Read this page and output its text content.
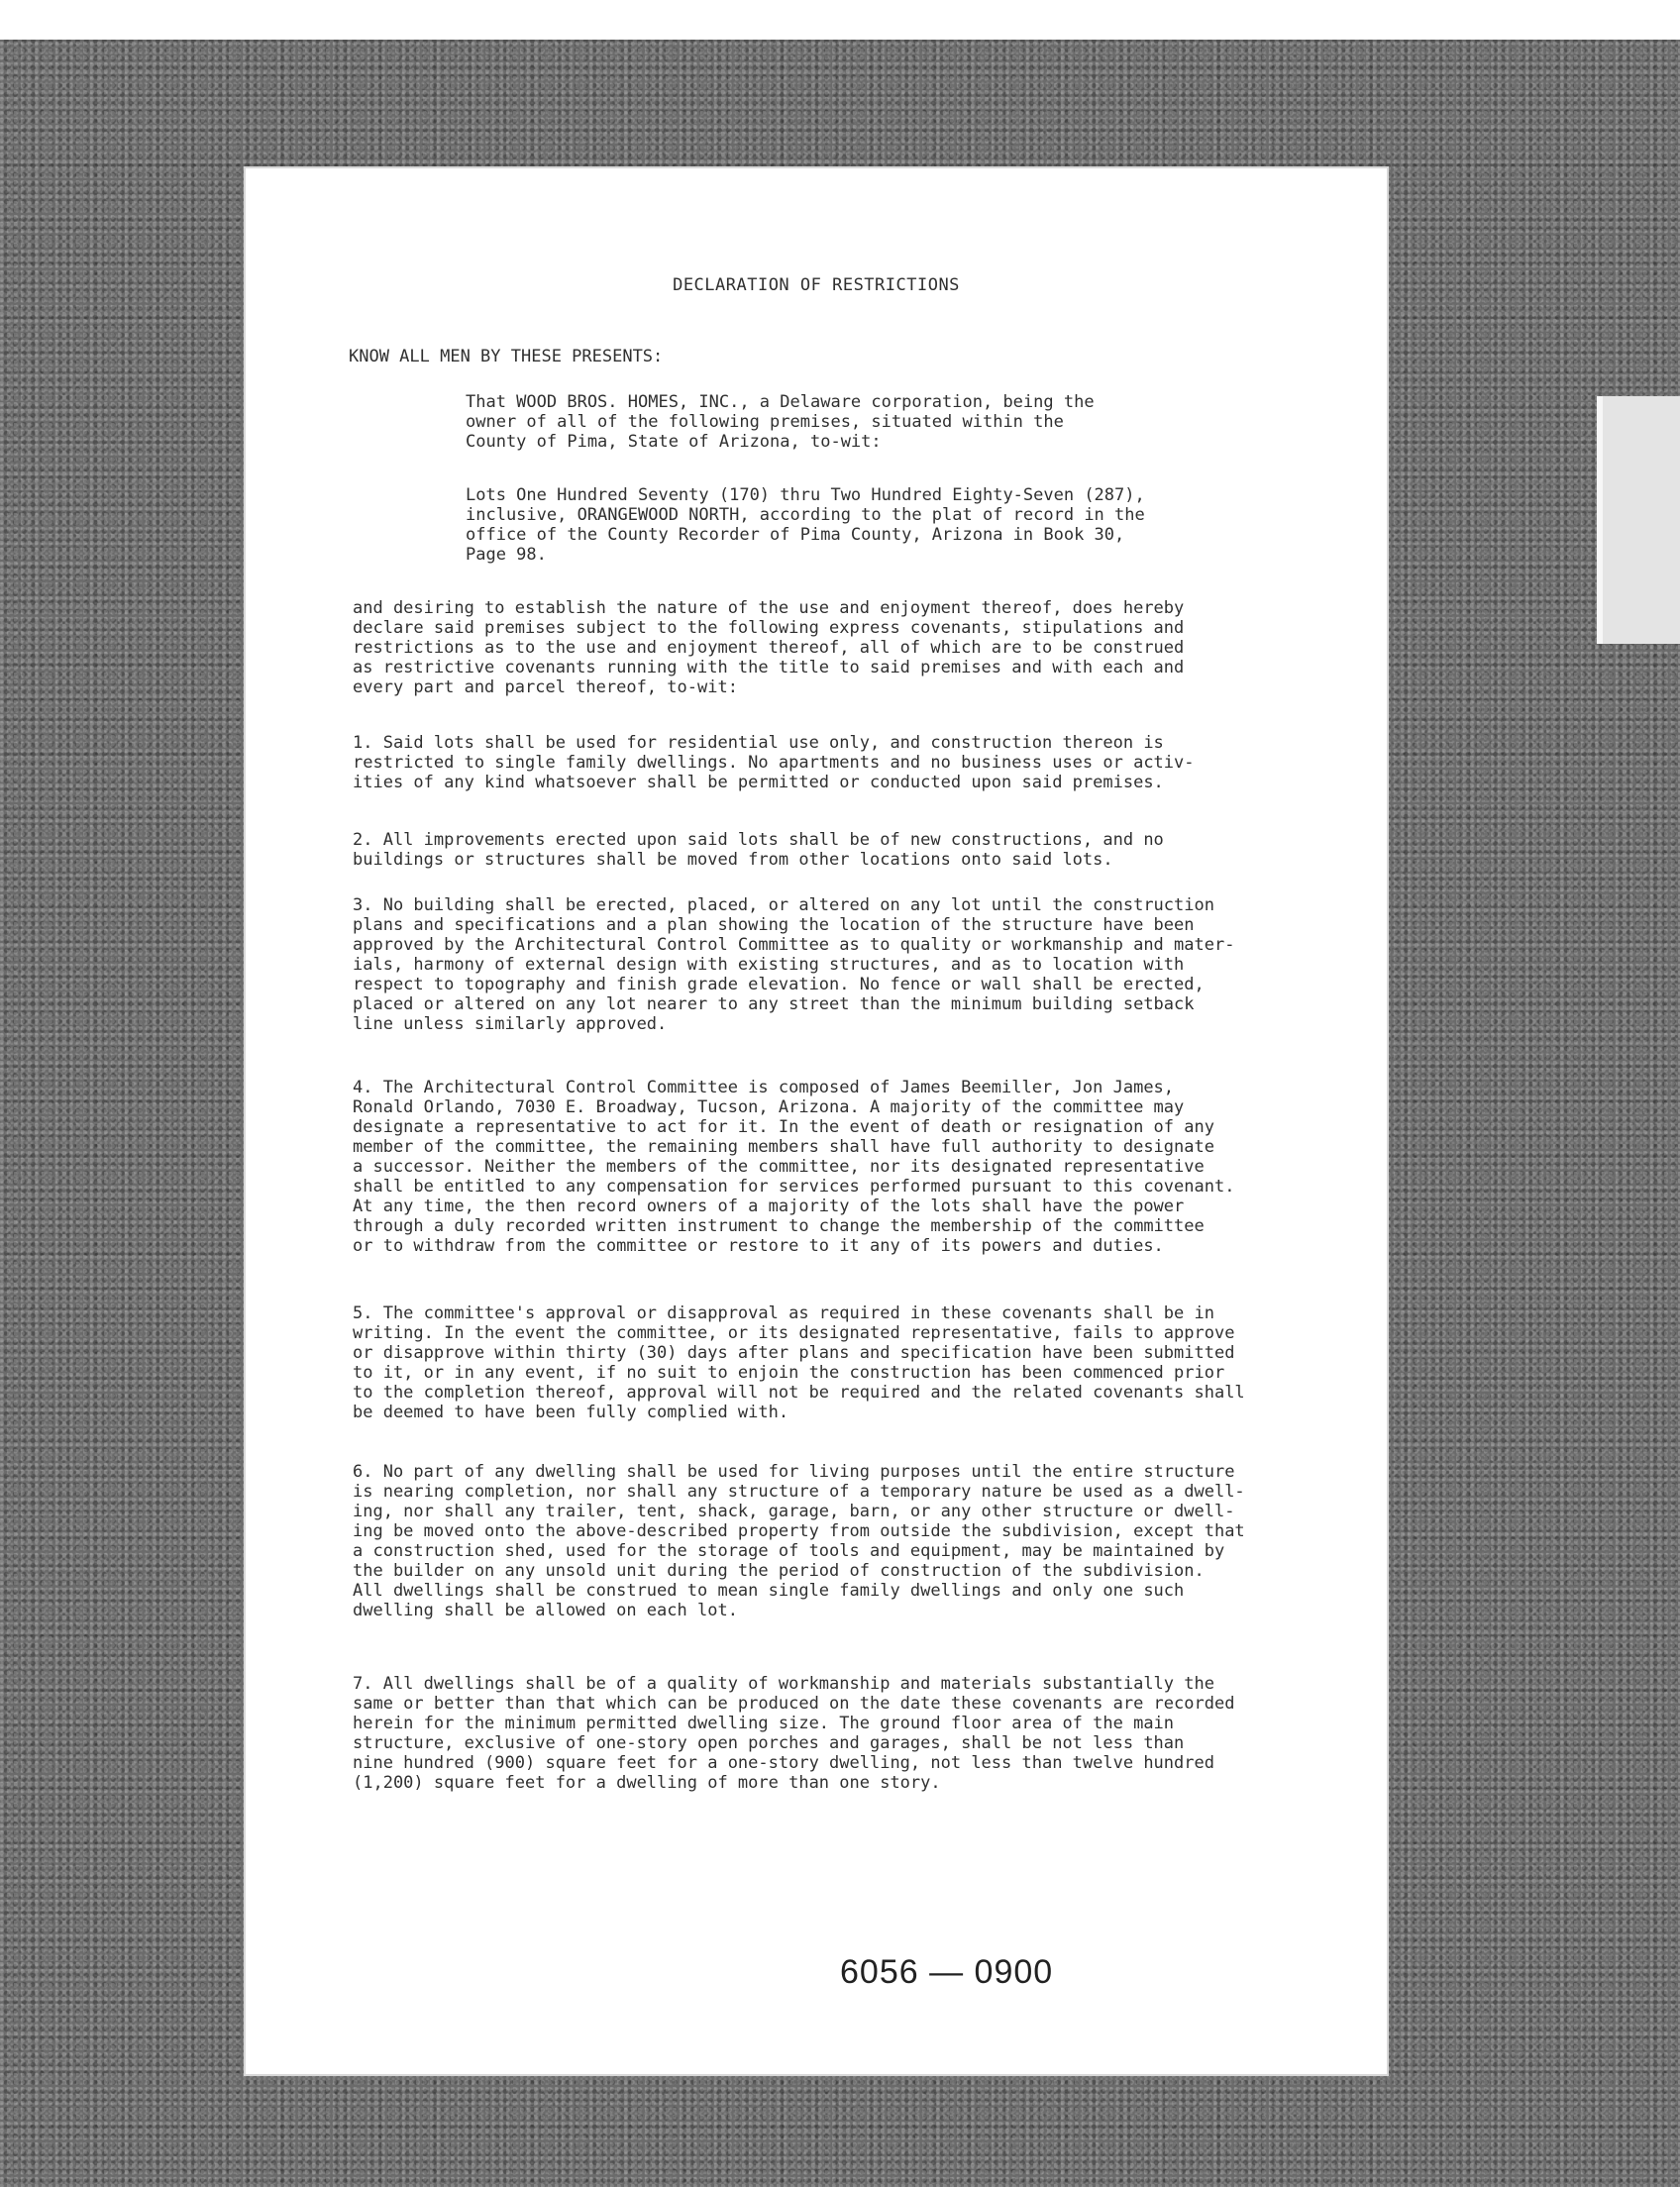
DECLARATION OF RESTRICTIONS
KNOW ALL MEN BY THESE PRESENTS:

That WOOD BROS. HOMES, INC., a Delaware corporation, being the
owner of all of the following premises, situated within the
County of Pima, State of Arizona, to-wit:

Lots One Hundred Seventy (170) thru Two Hundred Eighty-Seven (287),
inclusive, ORANGEWOOD NORTH, according to the plat of record in the
office of the County Recorder of Pima County, Arizona in Book 30,
Page 98.

and desiring to establish the nature of the use and enjoyment thereof, does hereby
declare said premises subject to the following express covenants, stipulations and
restrictions as to the use and enjoyment thereof, all of which are to be construed
as restrictive covenants running with the title to said premises and with each and
every part and parcel thereof, to-wit:

1. Said lots shall be used for residential use only, and construction thereon is
restricted to single family dwellings. No apartments and no business uses or activ-
ities of any kind whatsoever shall be permitted or conducted upon said premises.

2. All improvements erected upon said lots shall be of new constructions, and no
buildings or structures shall be moved from other locations onto said lots.

3. No building shall be erected, placed, or altered on any lot until the construction
plans and specifications and a plan showing the location of the structure have been
approved by the Architectural Control Committee as to quality or workmanship and mater-
ials, harmony of external design with existing structures, and as to location with
respect to topography and finish grade elevation. No fence or wall shall be erected,
placed or altered on any lot nearer to any street than the minimum building setback
line unless similarly approved.

4. The Architectural Control Committee is composed of James Beemiller, Jon James,
Ronald Orlando, 7030 E. Broadway, Tucson, Arizona. A majority of the committee may
designate a representative to act for it. In the event of death or resignation of any
member of the committee, the remaining members shall have full authority to designate
a successor. Neither the members of the committee, nor its designated representative
shall be entitled to any compensation for services performed pursuant to this covenant.
At any time, the then record owners of a majority of the lots shall have the power
through a duly recorded written instrument to change the membership of the committee
or to withdraw from the committee or restore to it any of its powers and duties.

5. The committee's approval or disapproval as required in these covenants shall be in
writing. In the event the committee, or its designated representative, fails to approve
or disapprove within thirty (30) days after plans and specification have been submitted
to it, or in any event, if no suit to enjoin the construction has been commenced prior
to the completion thereof, approval will not be required and the related covenants shall
be deemed to have been fully complied with.

6. No part of any dwelling shall be used for living purposes until the entire structure
is nearing completion, nor shall any structure of a temporary nature be used as a dwell-
ing, nor shall any trailer, tent, shack, garage, barn, or any other structure or dwell-
ing be moved onto the above-described property from outside the subdivision, except that
a construction shed, used for the storage of tools and equipment, may be maintained by
the builder on any unsold unit during the period of construction of the subdivision.
All dwellings shall be construed to mean single family dwellings and only one such
dwelling shall be allowed on each lot.

7. All dwellings shall be of a quality of workmanship and materials substantially the
same or better than that which can be produced on the date these covenants are recorded
herein for the minimum permitted dwelling size. The ground floor area of the main
structure, exclusive of one-story open porches and garages, shall be not less than
nine hundred (900) square feet for a one-story dwelling, not less than twelve hundred
(1,200) square feet for a dwelling of more than one story.

6056 — 0900
